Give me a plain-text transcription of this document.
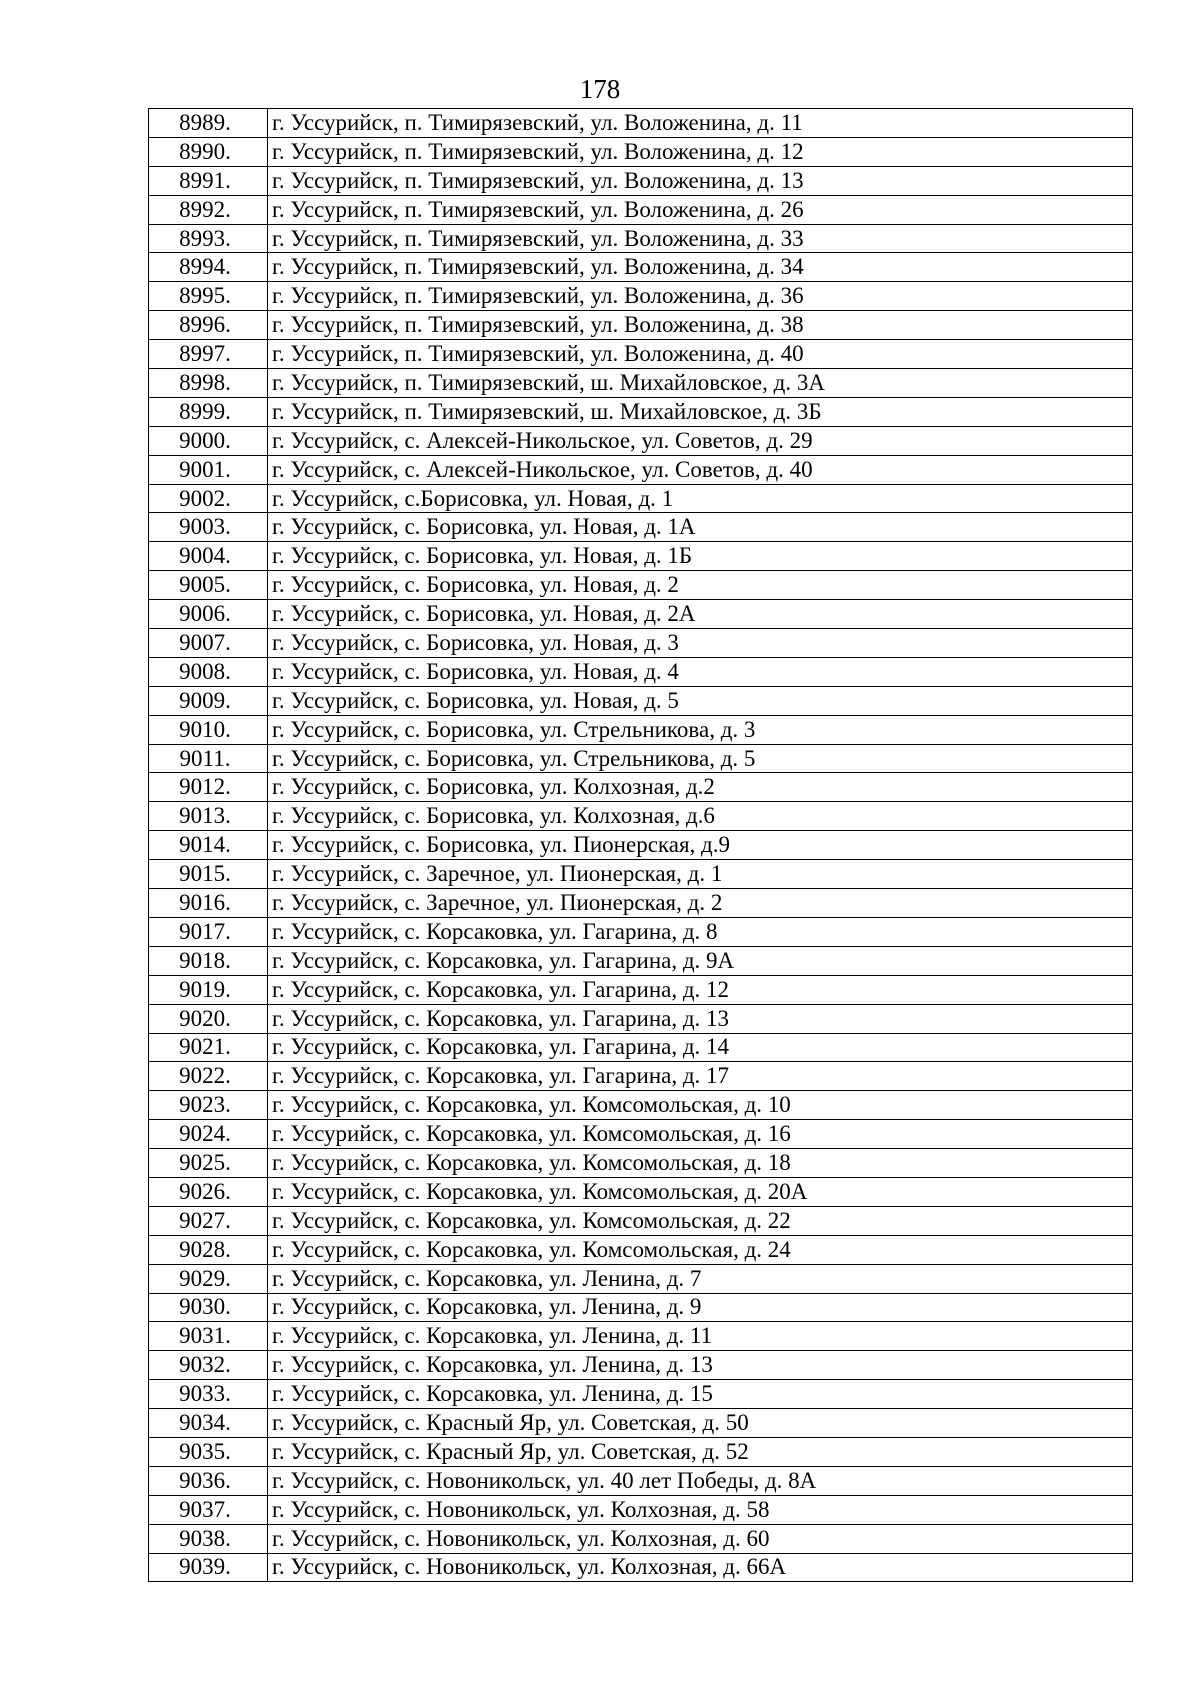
178
8989.	г. Уссурийск, п. Тимирязевский, ул. Воложенина, д. 11
8990.	г. Уссурийск, п. Тимирязевский, ул. Воложенина, д. 12
8991.	г. Уссурийск, п. Тимирязевский, ул. Воложенина, д. 13
8992.	г. Уссурийск, п. Тимирязевский, ул. Воложенина, д. 26
8993.	г. Уссурийск, п. Тимирязевский, ул. Воложенина, д. 33
8994.	г. Уссурийск, п. Тимирязевский, ул. Воложенина, д. 34
8995.	г. Уссурийск, п. Тимирязевский, ул. Воложенина, д. 36
8996.	г. Уссурийск, п. Тимирязевский, ул. Воложенина, д. 38
8997.	г. Уссурийск, п. Тимирязевский, ул. Воложенина, д. 40
8998.	г. Уссурийск, п. Тимирязевский, ш. Михайловское, д. 3А
8999.	г. Уссурийск, п. Тимирязевский, ш. Михайловское, д. 3Б
9000.	г. Уссурийск, с. Алексей-Никольское, ул. Советов, д. 29
9001.	г. Уссурийск, с. Алексей-Никольское, ул. Советов, д. 40
9002.	г. Уссурийск, с.Борисовка, ул. Новая, д. 1
9003.	г. Уссурийск, с. Борисовка, ул. Новая, д. 1А
9004.	г. Уссурийск, с. Борисовка, ул. Новая, д. 1Б
9005.	г. Уссурийск, с. Борисовка, ул. Новая, д. 2
9006.	г. Уссурийск, с. Борисовка, ул. Новая, д. 2А
9007.	г. Уссурийск, с. Борисовка, ул. Новая, д. 3
9008.	г. Уссурийск, с. Борисовка, ул. Новая, д. 4
9009.	г. Уссурийск, с. Борисовка, ул. Новая, д. 5
9010.	г. Уссурийск, с. Борисовка, ул. Стрельникова, д. 3
9011.	г. Уссурийск, с. Борисовка, ул. Стрельникова, д. 5
9012.	г. Уссурийск, с. Борисовка, ул. Колхозная, д.2
9013.	г. Уссурийск, с. Борисовка, ул. Колхозная, д.6
9014.	г. Уссурийск, с. Борисовка, ул. Пионерская, д.9
9015.	г. Уссурийск, с. Заречное, ул. Пионерская, д. 1
9016.	г. Уссурийск, с. Заречное, ул. Пионерская, д. 2
9017.	г. Уссурийск, с. Корсаковка, ул. Гагарина, д. 8
9018.	г. Уссурийск, с. Корсаковка, ул. Гагарина, д. 9А
9019.	г. Уссурийск, с. Корсаковка, ул. Гагарина, д. 12
9020.	г. Уссурийск, с. Корсаковка, ул. Гагарина, д. 13
9021.	г. Уссурийск, с. Корсаковка, ул. Гагарина, д. 14
9022.	г. Уссурийск, с. Корсаковка, ул. Гагарина, д. 17
9023.	г. Уссурийск, с. Корсаковка, ул. Комсомольская, д. 10
9024.	г. Уссурийск, с. Корсаковка, ул. Комсомольская, д. 16
9025.	г. Уссурийск, с. Корсаковка, ул. Комсомольская, д. 18
9026.	г. Уссурийск, с. Корсаковка, ул. Комсомольская, д. 20А
9027.	г. Уссурийск, с. Корсаковка, ул. Комсомольская, д. 22
9028.	г. Уссурийск, с. Корсаковка, ул. Комсомольская, д. 24
9029.	г. Уссурийск, с. Корсаковка, ул. Ленина, д. 7
9030.	г. Уссурийск, с. Корсаковка, ул. Ленина, д. 9
9031.	г. Уссурийск, с. Корсаковка, ул. Ленина, д. 11
9032.	г. Уссурийск, с. Корсаковка, ул. Ленина, д. 13
9033.	г. Уссурийск, с. Корсаковка, ул. Ленина, д. 15
9034.	г. Уссурийск, с. Красный Яр, ул. Советская, д. 50
9035.	г. Уссурийск, с. Красный Яр, ул. Советская, д. 52
9036.	г. Уссурийск, с. Новоникольск, ул. 40 лет Победы, д. 8А
9037.	г. Уссурийск, с. Новоникольск, ул. Колхозная, д. 58
9038.	г. Уссурийск, с. Новоникольск, ул. Колхозная, д. 60
9039.	г. Уссурийск, с. Новоникольск, ул. Колхозная, д. 66А
